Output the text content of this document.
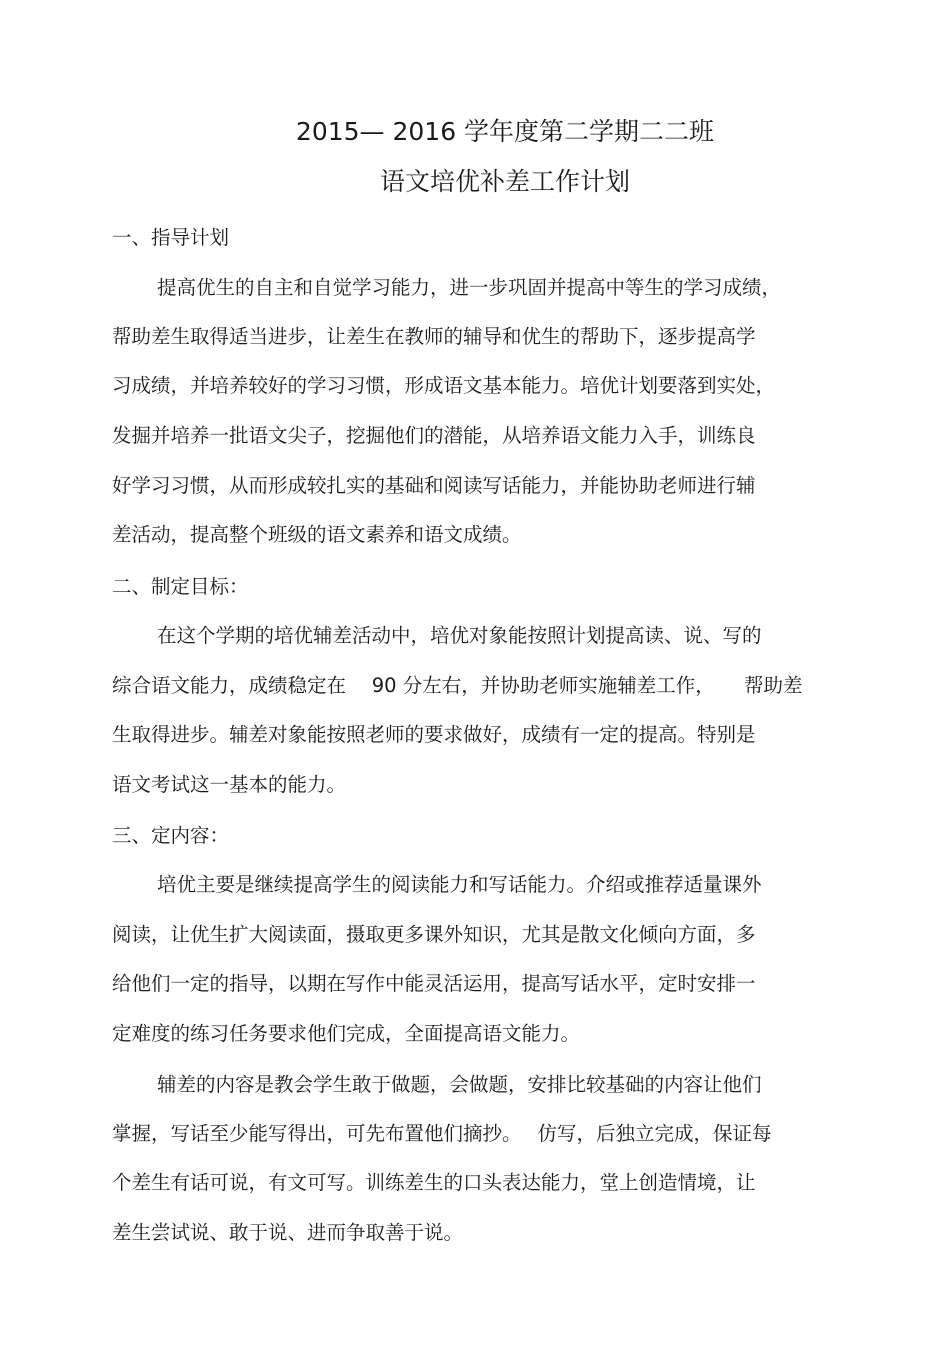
2015— 2016 学年度第二学期二二班
语文培优补差工作计划
一、指导计划
提高优生的自主和自觉学习能力，进一步巩固并提高中等生的学习成绩，
帮助差生取得适当进步，让差生在教师的辅导和优生的帮助下，逐步提高学
习成绩，并培养较好的学习习惯，形成语文基本能力。培优计划要落到实处，
发掘并培养一批语文尖子，挖掘他们的潜能，从培养语文能力入手，训练良
好学习习惯，从而形成较扎实的基础和阅读写话能力，并能协助老师进行辅
差活动，提高整个班级的语文素养和语文成绩。
二、制定目标：
在这个学期的培优辅差活动中，培优对象能按照计划提高读、说、写的
综合语文能力，成绩稳定在　 90 分左右，并协助老师实施辅差工作，　　帮助差
生取得进步。辅差对象能按照老师的要求做好，成绩有一定的提高。特别是
语文考试这一基本的能力。
三、定内容：
培优主要是继续提高学生的阅读能力和写话能力。介绍或推荐适量课外
阅读，让优生扩大阅读面，摄取更多课外知识，尤其是散文化倾向方面，多
给他们一定的指导，以期在写作中能灵活运用，提高写话水平，定时安排一
定难度的练习任务要求他们完成，全面提高语文能力。
辅差的内容是教会学生敢于做题，会做题，安排比较基础的内容让他们
掌握，写话至少能写得出，可先布置他们摘抄。　 仿写，后独立完成，保证每
个差生有话可说，有文可写。训练差生的口头表达能力，堂上创造情境，让
差生尝试说、敢于说、进而争取善于说。
